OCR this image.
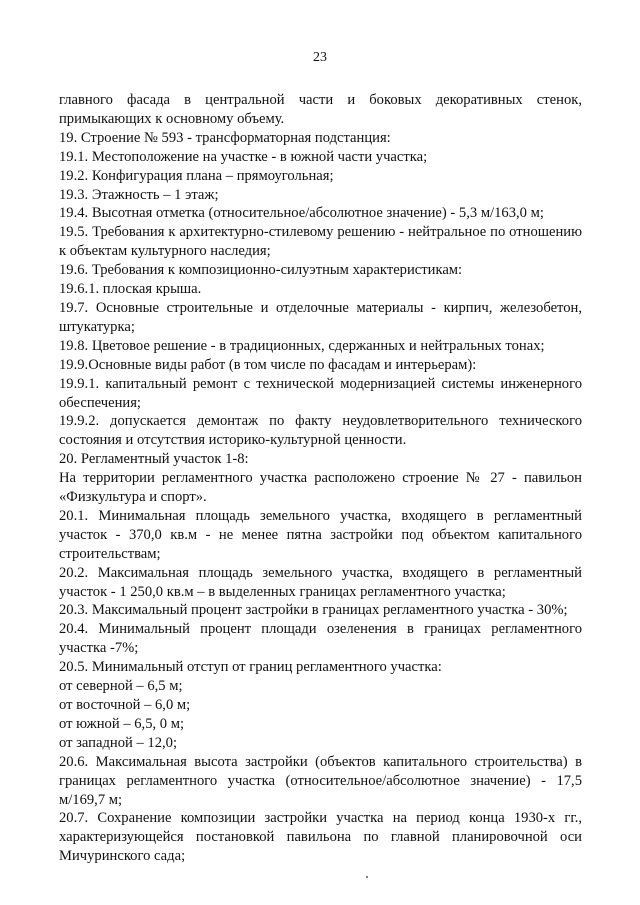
23

главного фасада в центральной части и боковых декоративных стенок, примыкающих к основному объему.

19. Строение № 593 - трансформаторная подстанция:

19.1. Местоположение на участке - в южной части участка;

19.2. Конфигурация плана – прямоугольная;

19.3. Этажность – 1 этаж;

19.4. Высотная отметка (относительное/абсолютное значение) - 5,3 м/163,0 м;

19.5. Требования к архитектурно-стилевому решению - нейтральное по отношению к объектам культурного наследия;

19.6. Требования к композиционно-силуэтным характеристикам:

19.6.1. плоская крыша.

19.7. Основные строительные и отделочные материалы - кирпич, железобетон, штукатурка;

19.8. Цветовое решение - в традиционных, сдержанных и нейтральных тонах;

19.9.Основные виды работ (в том числе по фасадам и интерьерам):

19.9.1. капитальный ремонт с технической модернизацией системы инженерного обеспечения;

19.9.2. допускается демонтаж по факту неудовлетворительного технического состояния и отсутствия историко-культурной ценности.

20. Регламентный участок 1-8:

На территории регламентного участка расположено строение № 27 - павильон «Физкультура и спорт».

20.1. Минимальная площадь земельного участка, входящего в регламентный участок - 370,0 кв.м - не менее пятна застройки под объектом капитального строительствам;

20.2. Максимальная площадь земельного участка, входящего в регламентный участок - 1 250,0 кв.м – в выделенных границах регламентного участка;

20.3. Максимальный процент застройки в границах регламентного участка - 30%;

20.4. Минимальный процент площади озеленения в границах регламентного участка -7%;

20.5. Минимальный отступ от границ регламентного участка:

от северной – 6,5 м;

от восточной – 6,0 м;

от южной – 6,5, 0 м;

от западной – 12,0;

20.6. Максимальная высота застройки (объектов капитального строительства) в границах регламентного участка (относительное/абсолютное значение) - 17,5 м/169,7 м;

20.7. Сохранение композиции застройки участка на период конца 1930-х гг., характеризующейся постановкой павильона по главной планировочной оси Мичуринского сада;
